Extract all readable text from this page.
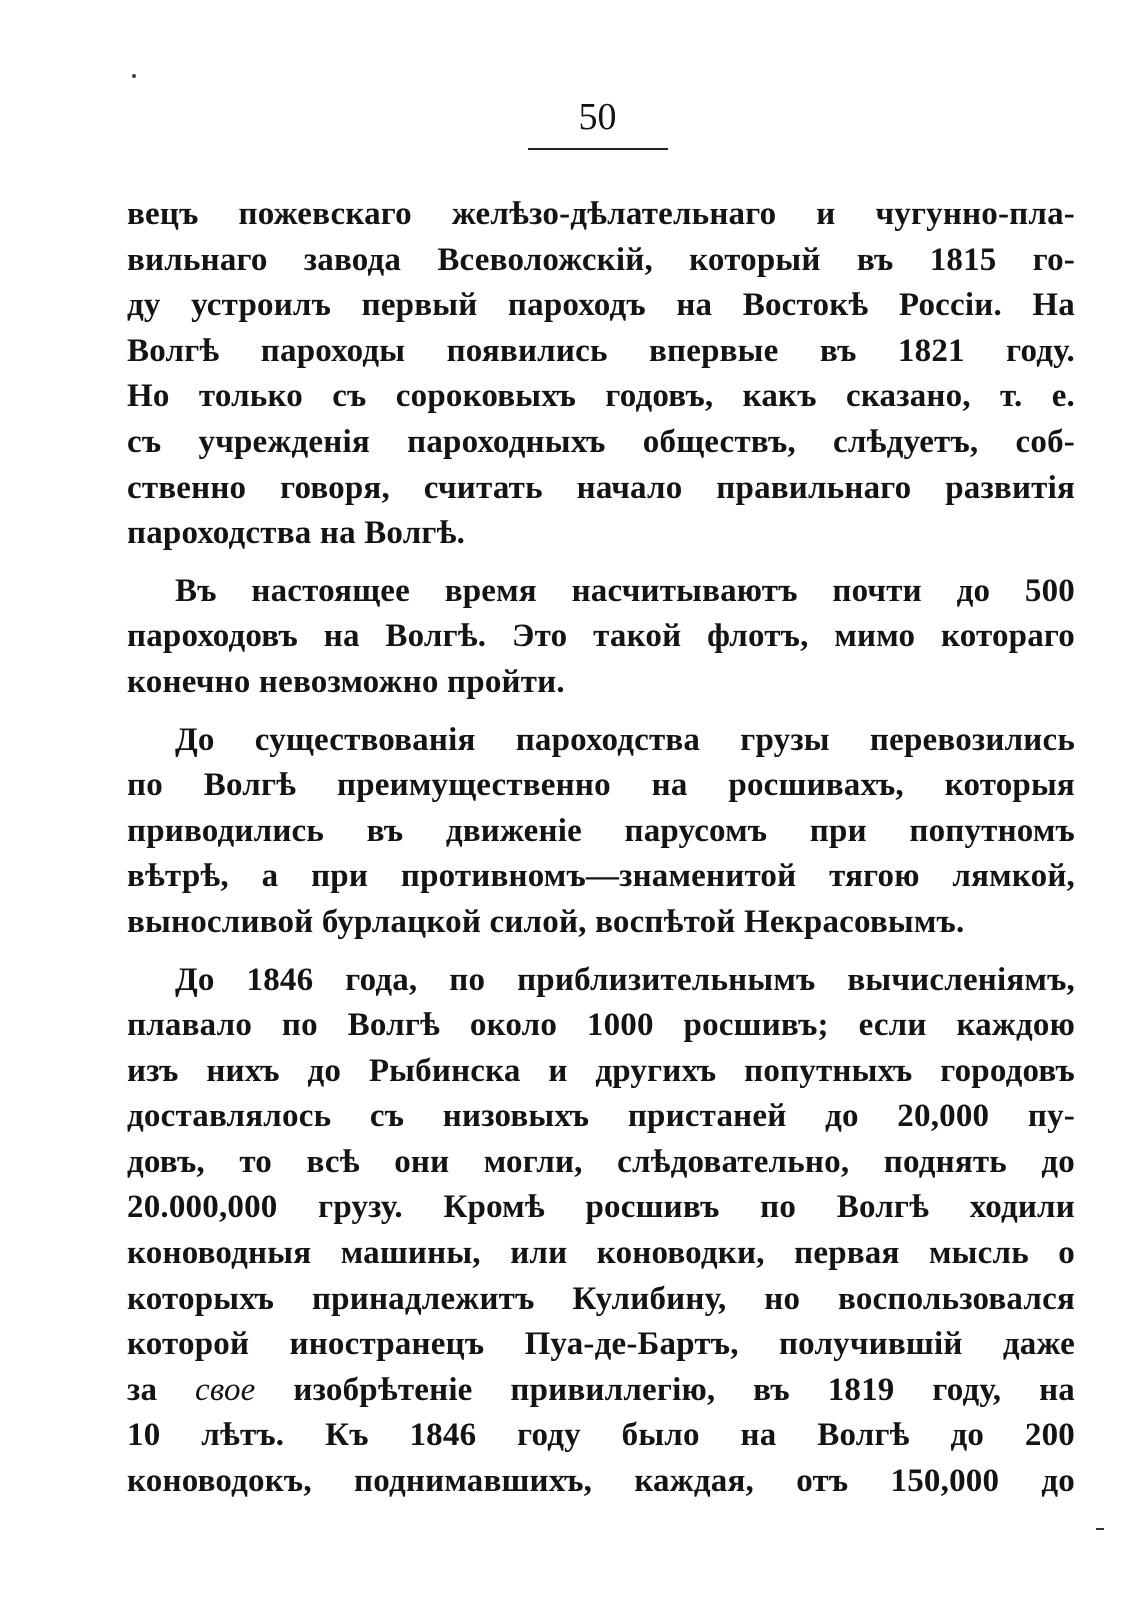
50

вецъ пожевскаго желѣзо-дѣлательнаго и чугунно-пла-
вильнаго завода Всеволожскій, который въ 1815 го-
ду устроилъ первый пароходъ на Востокѣ Россіи. На
Волгѣ пароходы появились впервые въ 1821 году.
Но только съ сороковыхъ годовъ, какъ сказано, т. е.
съ учрежденія пароходныхъ обществъ, слѣдуетъ, соб-
ственно говоря, считать начало правильнаго развитія
пароходства на Волгѣ.

Въ настоящее время насчитываютъ почти до 500
пароходовъ на Волгѣ. Это такой флотъ, мимо котораго
конечно невозможно пройти.

До существованія пароходства грузы перевозились
по Волгѣ преимущественно на росшивахъ, которыя
приводились въ движеніе парусомъ при попутномъ
вѣтрѣ, а при противномъ—знаменитой тягою лямкой,
выносливой бурлацкой силой, воспѣтой Некрасовымъ.

До 1846 года, по приблизительнымъ вычисленіямъ,
плавало по Волгѣ около 1000 росшивъ; если каждою
изъ нихъ до Рыбинска и другихъ попутныхъ городовъ
доставлялось съ низовыхъ пристаней до 20,000 пу-
довъ, то всѣ они могли, слѣдовательно, поднять до
20.000,000 грузу. Кромѣ росшивъ по Волгѣ ходили
коноводныя машины, или коноводки, первая мысль о
которыхъ принадлежитъ Кулибину, но воспользовался
которой иностранецъ Пуа-де-Бартъ, получившій даже
за свое изобрѣтеніе привиллегію, въ 1819 году, на
10 лѣтъ. Къ 1846 году было на Волгѣ до 200
коноводокъ, поднимавшихъ, каждая, отъ 150,000 до
